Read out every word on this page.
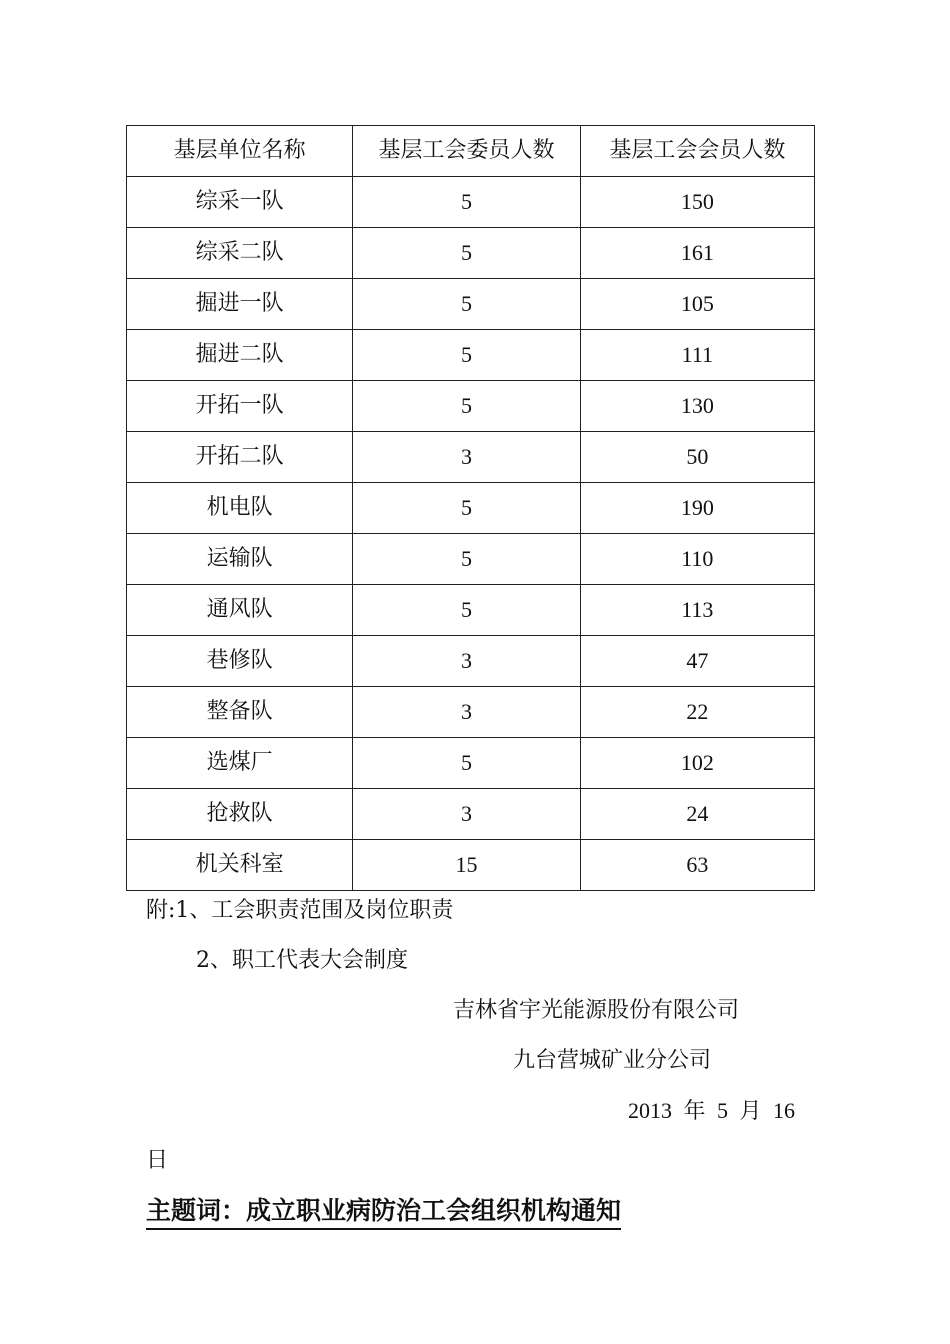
基层单位名称	基层工会委员人数	基层工会会员人数
综采一队	5	150
综采二队	5	161
掘进一队	5	105
掘进二队	5	111
开拓一队	5	130
开拓二队	3	50
机电队	5	190
运输队	5	110
通风队	5	113
巷修队	3	47
整备队	3	22
选煤厂	5	102
抢救队	3	24
机关科室	15	63
附:1、工会职责范围及岗位职责
2、职工代表大会制度
吉林省宇光能源股份有限公司
九台营城矿业分公司
2013 年 5 月 16
日
主题词：成立职业病防治工会组织机构通知
